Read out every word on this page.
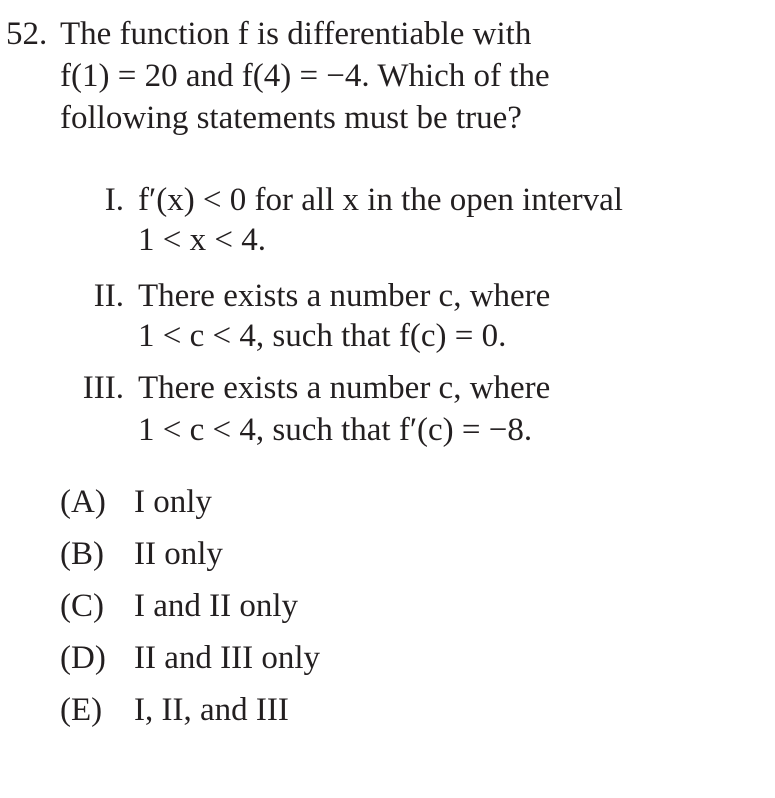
52. The function f is differentiable with
f(1) = 20 and f(4) = −4. Which of the
following statements must be true?
I. f′(x) < 0 for all x in the open interval
1 < x < 4.
II. There exists a number c, where
1 < c < 4, such that f(c) = 0.
III. There exists a number c, where
1 < c < 4, such that f′(c) = −8.
(A) I only
(B) II only
(C) I and II only
(D) II and III only
(E) I, II, and III
